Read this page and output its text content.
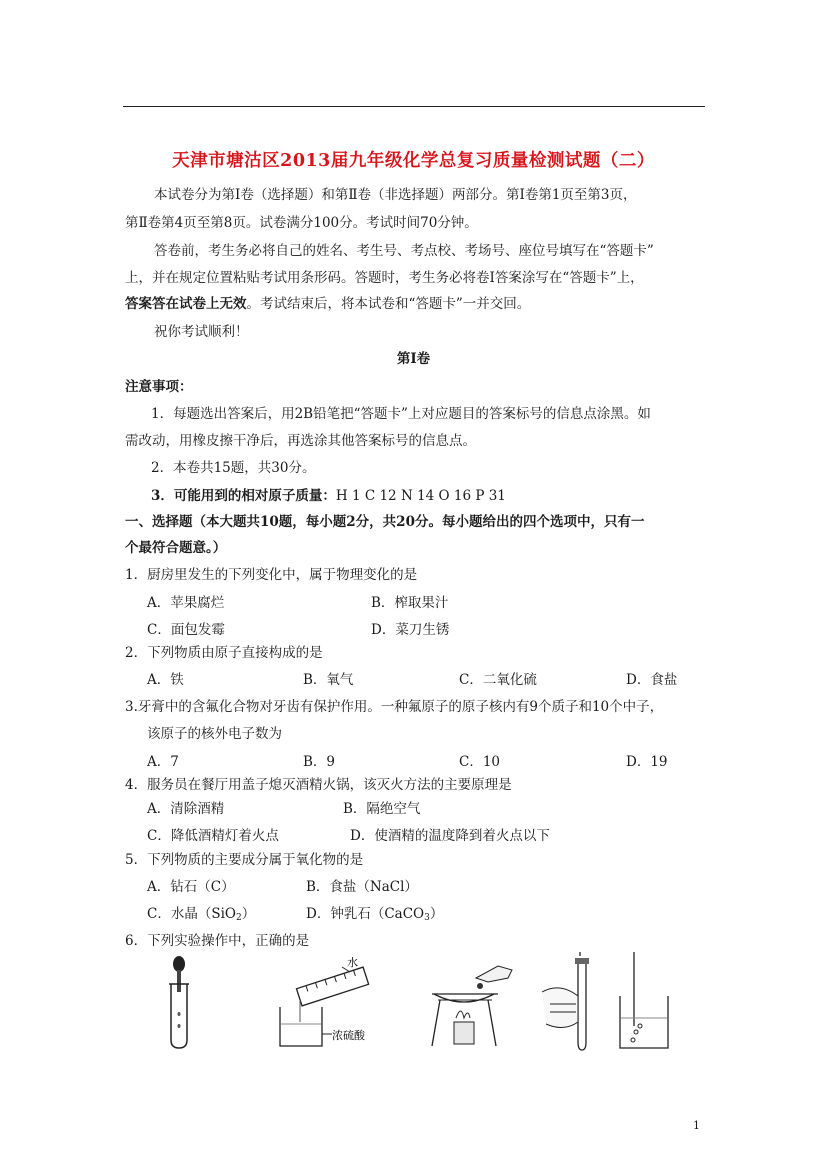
天津市塘沽区2013届九年级化学总复习质量检测试题（二）
本试卷分为第Ⅰ卷（选择题）和第Ⅱ卷（非选择题）两部分。第Ⅰ卷第1页至第3页，
第Ⅱ卷第4页至第8页。试卷满分100分。考试时间70分钟。
答卷前，考生务必将自己的姓名、考生号、考点校、考场号、座位号填写在“答题卡”
上，并在规定位置粘贴考试用条形码。答题时，考生务必将卷Ⅰ答案涂写在“答题卡”上，
答案答在试卷上无效。考试结束后，将本试卷和“答题卡”一并交回。
祝你考试顺利！
第Ⅰ卷
注意事项：
1．每题选出答案后，用2B铅笔把“答题卡”上对应题目的答案标号的信息点涂黑。如
需改动，用橡皮擦干净后，再选涂其他答案标号的信息点。
2．本卷共15题，共30分。
3．可能用到的相对原子质量：H 1 C 12 N 14 O 16 P 31
一、选择题（本大题共10题，每小题2分，共20分。每小题给出的四个选项中，只有一
个最符合题意。）
1．厨房里发生的下列变化中，属于物理变化的是
A．苹果腐烂	B．榨取果汁
C．面包发霉	D．菜刀生锈
2．下列物质由原子直接构成的是
A．铁	B．氧气	C．二氧化硫	D．食盐
3.牙膏中的含氟化合物对牙齿有保护作用。一种氟原子的原子核内有9个质子和10个中子，
该原子的核外电子数为
A．7	B．9	C．10	D．19
4．服务员在餐厅用盖子熄灭酒精火锅，该灭火方法的主要原理是
A．清除酒精	B．隔绝空气
C．降低酒精灯着火点	D．使酒精的温度降到着火点以下
5．下列物质的主要成分属于氧化物的是
A．钻石（C）	B．食盐（NaCl）
C．水晶（SiO$_2$）	D．钟乳石（CaCO$_3$）
6．下列实验操作中，正确的是
水
浓硫酸
1
